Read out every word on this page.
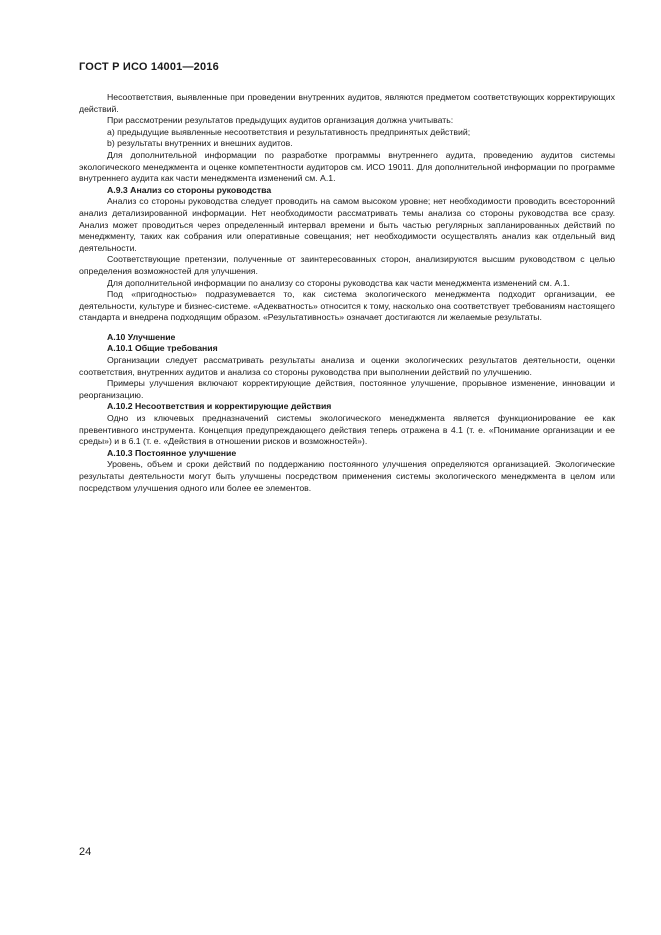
ГОСТ Р ИСО 14001—2016

Несоответствия, выявленные при проведении внутренних аудитов, являются предметом соответствующих корректирующих действий.

При рассмотрении результатов предыдущих аудитов организация должна учитывать:

a) предыдущие выявленные несоответствия и результативность предпринятых действий;

b) результаты внутренних и внешних аудитов.

Для дополнительной информации по разработке программы внутреннего аудита, проведению аудитов системы экологического менеджмента и оценке компетентности аудиторов см. ИСО 19011. Для дополнительной информации по программе внутреннего аудита как части менеджмента изменений см. А.1.

А.9.3 Анализ со стороны руководства

Анализ со стороны руководства следует проводить на самом высоком уровне; нет необходимости проводить всесторонний анализ детализированной информации. Нет необходимости рассматривать темы анализа со стороны руководства все сразу. Анализ может проводиться через определенный интервал времени и быть частью регулярных запланированных действий по менеджменту, таких как собрания или оперативные совещания; нет необходимости осуществлять анализ как отдельный вид деятельности.

Соответствующие претензии, полученные от заинтересованных сторон, анализируются высшим руководством с целью определения возможностей для улучшения.

Для дополнительной информации по анализу со стороны руководства как части менеджмента изменений см. А.1.

Под «пригодностью» подразумевается то, как система экологического менеджмента подходит организации, ее деятельности, культуре и бизнес-системе. «Адекватность» относится к тому, насколько она соответствует требованиям настоящего стандарта и внедрена подходящим образом. «Результативность» означает достигаются ли желаемые результаты.

А.10 Улучшение

А.10.1 Общие требования

Организации следует рассматривать результаты анализа и оценки экологических результатов деятельности, оценки соответствия, внутренних аудитов и анализа со стороны руководства при выполнении действий по улучшению.

Примеры улучшения включают корректирующие действия, постоянное улучшение, прорывное изменение, инновации и реорганизацию.

А.10.2 Несоответствия и корректирующие действия

Одно из ключевых предназначений системы экологического менеджмента является функционирование ее как превентивного инструмента. Концепция предупреждающего действия теперь отражена в 4.1 (т. е. «Понимание организации и ее среды») и в 6.1 (т. е. «Действия в отношении рисков и возможностей»).

А.10.3 Постоянное улучшение

Уровень, объем и сроки действий по поддержанию постоянного улучшения определяются организацией. Экологические результаты деятельности могут быть улучшены посредством применения системы экологического менеджмента в целом или посредством улучшения одного или более ее элементов.

24
